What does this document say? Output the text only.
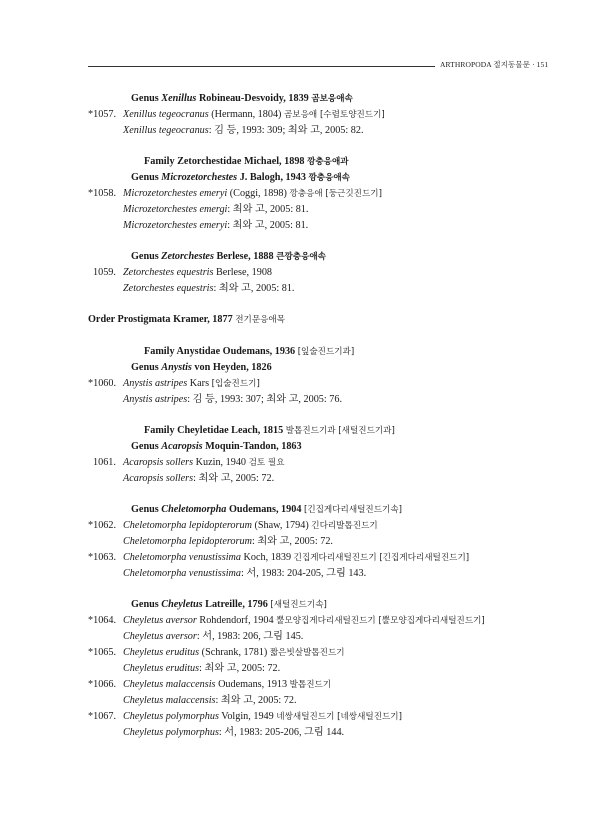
ARTHROPODA 절지동물문 · 151
Genus Xenillus Robineau-Desvoidy, 1839 곰보응애속
*1057. Xenillus tegeocranus (Hermann, 1804) 곰보응애 [수렴토양진드기]
Xenillus tegeocranus: 김 등, 1993: 309; 최와 고, 2005: 82.
Family Zetorchestidae Michael, 1898 깡충응애과
Genus Microzetorchestes J. Balogh, 1943 깡충응애속
*1058. Microzetorchestes emeryi (Coggi, 1898) 깡충응애 [둥근깃진드기]
Microzetorchestes emergi: 최와 고, 2005: 81.
Microzetorchestes emeryi: 최와 고, 2005: 81.
Genus Zetorchestes Berlese, 1888 큰깡충응애속
1059. Zetorchestes equestris Berlese, 1908
Zetorchestes equestris: 최와 고, 2005: 81.
Order Prostigmata Kramer, 1877 전기문응애목
Family Anystidae Oudemans, 1936 [잎술진드기과]
Genus Anystis von Heyden, 1826
*1060. Anystis astripes Kars [입술진드기]
Anystis astripes: 김 등, 1993: 307; 최와 고, 2005: 76.
Family Cheyletidae Leach, 1815 발톱진드기과 [새털진드기과]
Genus Acaropsis Moquin-Tandon, 1863
1061. Acaropsis sollers Kuzin, 1940 검토 필요
Acaropsis sollers: 최와 고, 2005: 72.
Genus Cheletomorpha Oudemans, 1904 [긴집게다리새털진드기속]
*1062. Cheletomorpha lepidopterorum (Shaw, 1794) 긴다리발톱진드기
Cheletomorpha lepidopterorum: 최와 고, 2005: 72.
*1063. Cheletomorpha venustissima Koch, 1839 긴집게다리새털진드기 [긴집게다리새털진드기]
Cheletomorpha venustissima: 서, 1983: 204-205, 그림 143.
Genus Cheyletus Latreille, 1796 [새털진드기속]
*1064. Cheyletus aversor Rohdendorf, 1904 뿔모양집게다리새털진드기 [뿔모양집게다리새털진드기]
Cheyletus aversor: 서, 1983: 206, 그림 145.
*1065. Cheyletus eruditus (Schrank, 1781) 짧은빗살발톱진드기
Cheyletus eruditus: 최와 고, 2005: 72.
*1066. Cheyletus malaccensis Oudemans, 1913 발톱진드기
Cheyletus malaccensis: 최와 고, 2005: 72.
*1067. Cheyletus polymorphus Volgin, 1949 네쌍새털진드기 [네쌍새털진드기]
Cheyletus polymorphus: 서, 1983: 205-206, 그림 144.
